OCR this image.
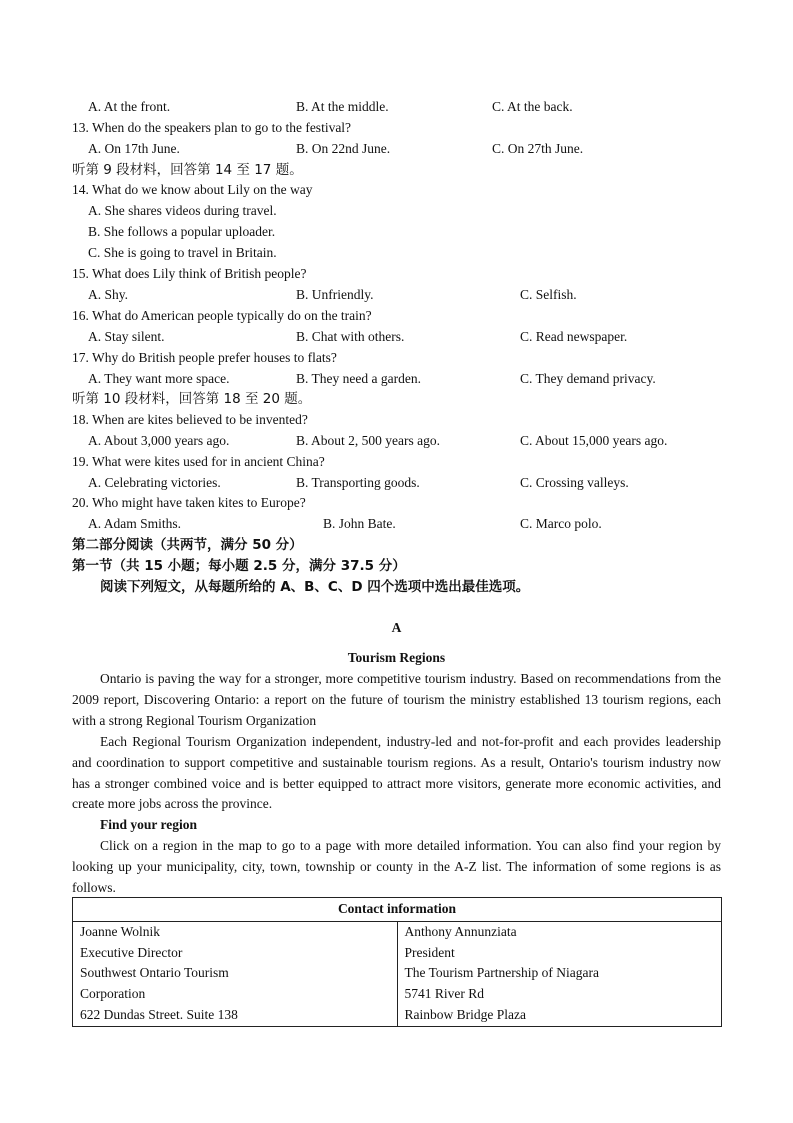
A. At the front.	B. At the middle.	C. At the back.
13. When do the speakers plan to go to the festival?
A. On 17th June.	B. On 22nd June.	C. On 27th June.
听第 9 段材料，回答第 14 至 17 题。
14. What do we know about Lily on the way
A. She shares videos during travel.
B. She follows a popular uploader.
C. She is going to travel in Britain.
15. What does Lily think of British people?
A. Shy.	B. Unfriendly.	C. Selfish.
16. What do American people typically do on the train?
A. Stay silent.	B. Chat with others.	C. Read newspaper.
17. Why do British people prefer houses to flats?
A. They want more space.	B. They need a garden.	C. They demand privacy.
听第 10 段材料，回答第 18 至 20 题。
18. When are kites believed to be invented?
A. About 3,000 years ago.	B. About 2, 500 years ago.	C. About 15,000 years ago.
19. What were kites used for in ancient China?
A. Celebrating victories.	B. Transporting goods.	C. Crossing valleys.
20. Who might have taken kites to Europe?
A. Adam Smiths.	B. John Bate.	C. Marco polo.
第二部分阅读（共两节，满分 50 分）
第一节（共 15 小题；每小题 2.5 分，满分 37.5 分）
阅读下列短文，从每题所给的 A、B、C、D 四个选项中选出最佳选项。
A
Tourism Regions

Ontario is paving the way for a stronger, more competitive tourism industry. Based on recommendations from the 2009 report, Discovering Ontario: a report on the future of tourism the ministry established 13 tourism regions, each with a strong Regional Tourism Organization

Each Regional Tourism Organization independent, industry-led and not-for-profit and each provides leadership and coordination to support competitive and sustainable tourism regions. As a result, Ontario's tourism industry now has a stronger combined voice and is better equipped to attract more visitors, generate more economic activities, and create more jobs across the province.

Find your region

Click on a region in the map to go to a page with more detailed information. You can also find your region by looking up your municipality, city, town, township or county in the A-Z list. The information of some regions is as follows.

Contact information

Joanne Wolnik
Executive Director
Southwest Ontario Tourism
Corporation
622 Dundas Street. Suite 138

Anthony Annunziata
President
The Tourism Partnership of Niagara
5741 River Rd
Rainbow Bridge Plaza
